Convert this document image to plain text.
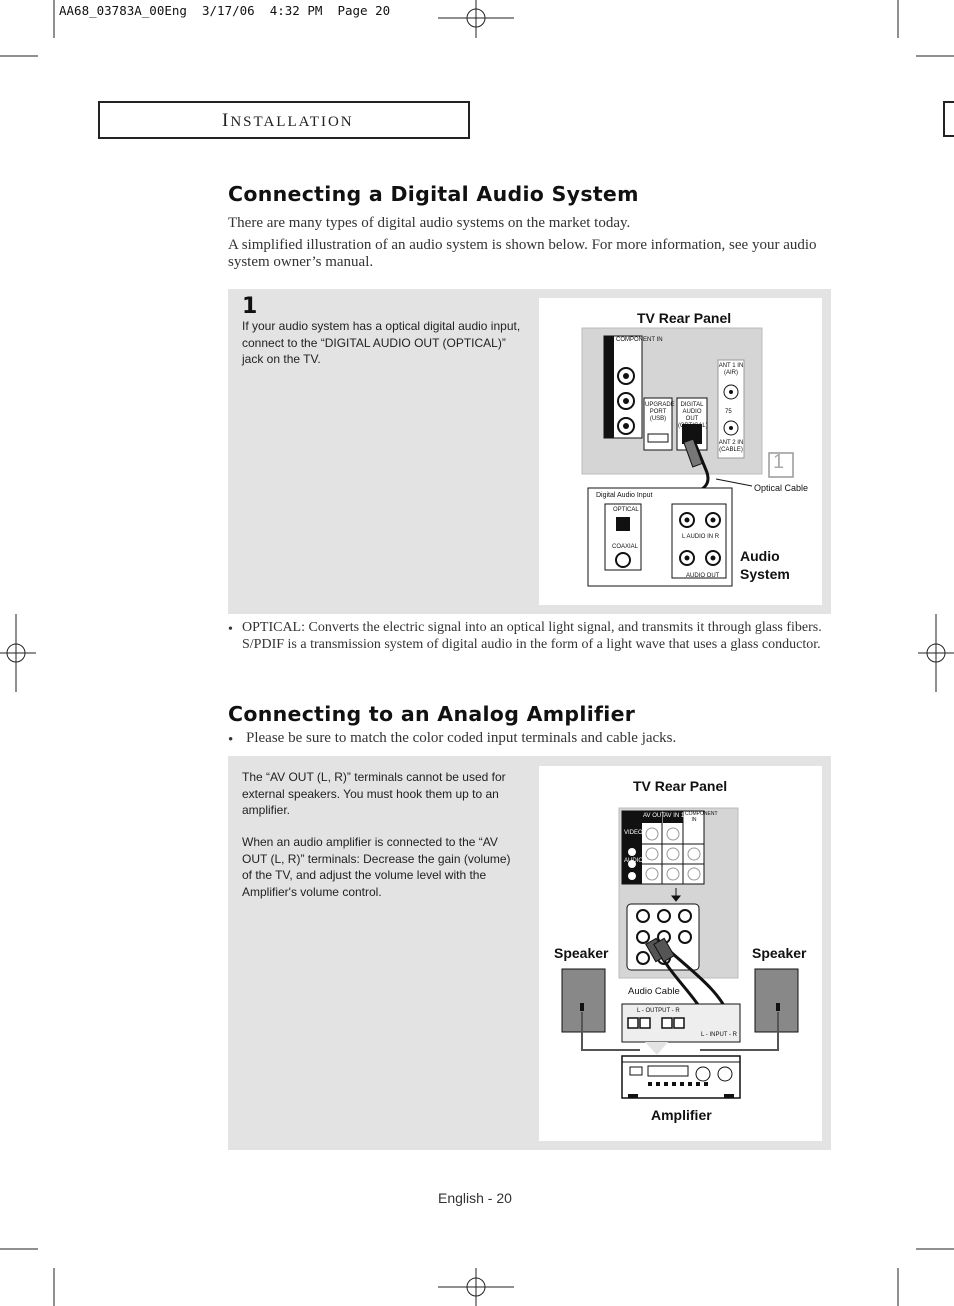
AA68_03783A_00Eng  3/17/06  4:32 PM  Page 20
INSTALLATION
Connecting a Digital Audio System
There are many types of digital audio systems on the market today.
A simplified illustration of an audio system is shown below. For more information, see your audio system owner’s manual.
1
If your audio system has a optical digital audio input, connect to the “DIGITAL AUDIO OUT (OPTICAL)” jack on the TV.
TV Rear Panel
COMPONENT IN
UPGRADE PORT (USB)
DIGITAL AUDIO OUT (OPTICAL)
ANT 1 IN (AIR)
75
ANT 2 IN (CABLE)
1
Optical Cable
Digital Audio Input
OPTICAL
COAXIAL
L AUDIO IN R
AUDIO OUT
Audio
System
• OPTICAL: Converts the electric signal into an optical light signal, and transmits it through glass fibers. S/PDIF is a transmission system of digital audio in the form of a light wave that uses a glass conductor.
Connecting to an Analog Amplifier
• Please be sure to match the color coded input terminals and cable jacks.
The “AV OUT (L, R)” terminals cannot be used for external speakers. You must hook them up to an amplifier.
When an audio amplifier is connected to the “AV OUT (L, R)” terminals: Decrease the gain (volume) of the TV, and adjust the volume level with the Amplifier's volume control.
TV Rear Panel
AV OUT AV IN 1 COMPONENT IN
VIDEO
AUDIO
Speaker	Speaker
Audio Cable
L - OUTPUT - R
L - INPUT - R
Amplifier
English - 20
